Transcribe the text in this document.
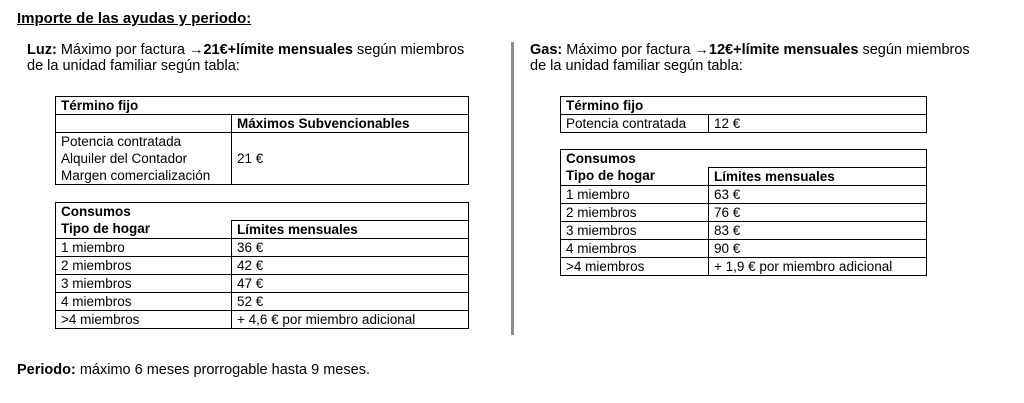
Importe de las ayudas y periodo:
Luz: Máximo por factura →21€+límite mensuales según miembros
de la unidad familiar según tabla:
Término fijo	
	Máximos Subvencionables
Potencia contratada	21 €
Alquiler del Contador	
Margen comercialización	
Consumos	
Tipo de hogar	Límites mensuales
1 miembro	36 €
2 miembros	42 €
3 miembros	47 €
4 miembros	52 €
>4 miembros	+ 4,6 € por miembro adicional
Gas: Máximo por factura →12€+límite mensuales según miembros
de la unidad familiar según tabla:
Término fijo
Potencia contratada	12 €
Consumos	
Tipo de hogar	Límites mensuales
1 miembro	63 €
2 miembros	76 €
3 miembros	83 €
4 miembros	90 €
>4 miembros	+ 1,9 € por miembro adicional
Periodo: máximo 6 meses prorrogable hasta 9 meses.
